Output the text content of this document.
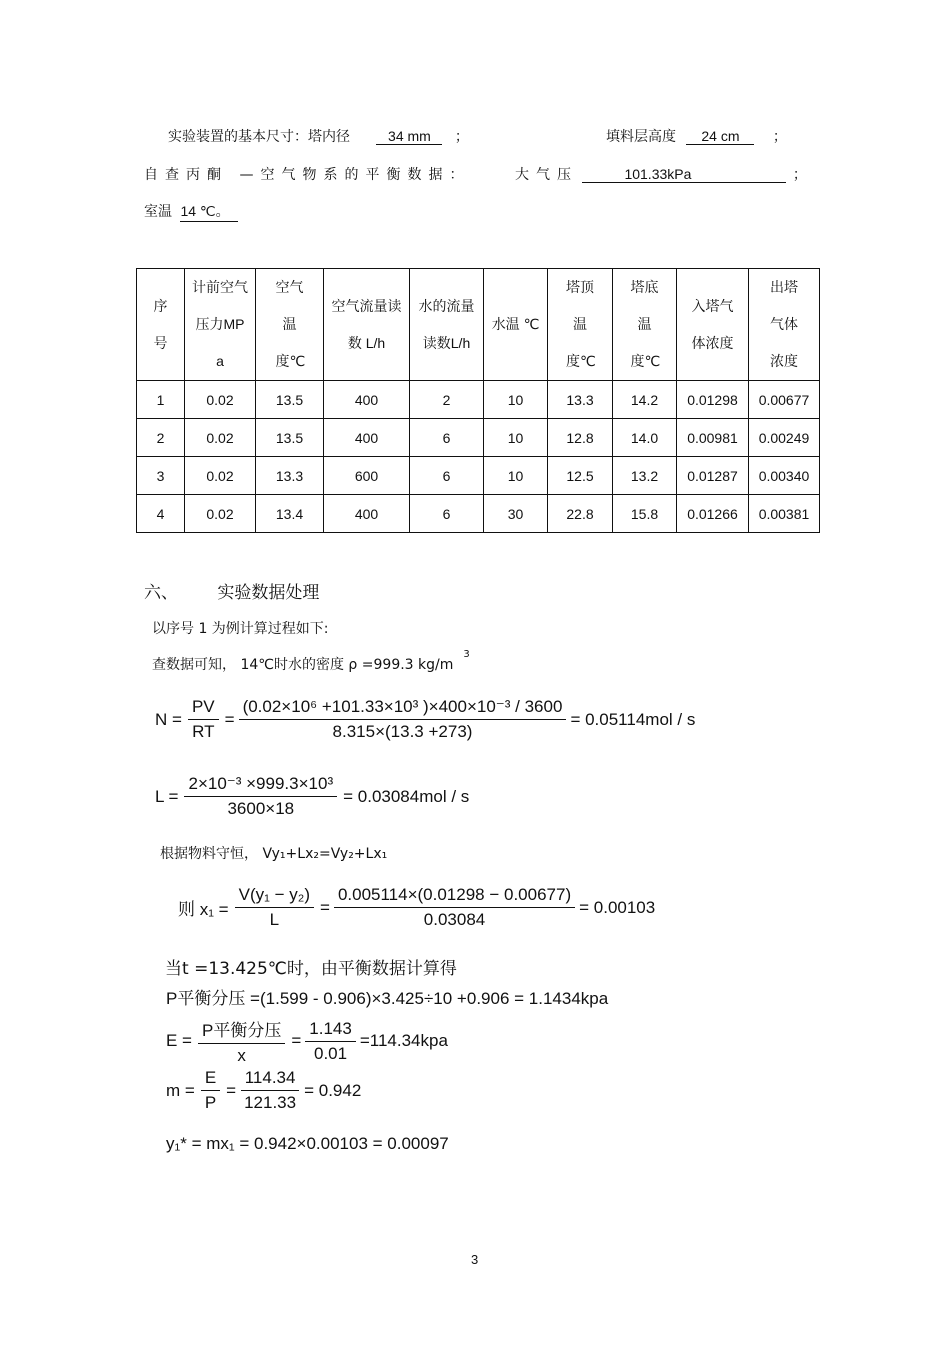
实验装置的基本尺寸：塔内径	34 mm ；	填料层高度 24 cm ；
自查丙酮 —空气物系的平衡数据：	大气压	101.33kPa	；
室温 14 ℃。
序号	计前空气压力MPa	空气温度℃	空气流量读数 L/h	水的流量读数L/h	水温 ℃	塔顶温度℃	塔底温度℃	入塔气体浓度	出塔气体浓度
1	0.02	13.5	400	2	10	13.3	14.2	0.01298	0.00677
2	0.02	13.5	400	6	10	12.8	14.0	0.00981	0.00249
3	0.02	13.3	600	6	10	12.5	13.2	0.01287	0.00340
4	0.02	13.4	400	6	30	22.8	15.8	0.01266	0.00381
六、 实验数据处理
以序号 1 为例计算过程如下:
查数据可知， 14℃时水的密度 ρ =999.3 $kg/m^3$
$N = \frac{PV}{RT} = \frac{\text{(0.02×10⁶ +101.33×10³ )×400×10⁻³ / 3600}}{8.315\times(13.3 +273)} = 0.05114mol / s$
$L = \frac{\text{2×10⁻³ ×999.3×10³}}{3600\times 18} = 0.03084mol / s$
根据物料守恒， Vy₁+Lx₂=Vy₂+Lx₁
则 $x_1 = \frac{\text{V(y₁ − y₂)}}{L} = \frac{0.005114\times(0.01298 - 0.00677)}{0.03084} = 0.00103$
当t =13.425℃时，由平衡数据计算得
P平衡分压 =(1.599 - 0.906)×3.425÷10 +0.906 = 1.1434kpa
$E = \frac{\text{P平衡分压}}{x} = \frac{1.143}{0.01} =114.34kpa$
$m = \frac{E}{P} = \frac{114.34}{121.33} = 0.942$
y₁* = mx₁ = 0.942×0.00103 = 0.00097
3
